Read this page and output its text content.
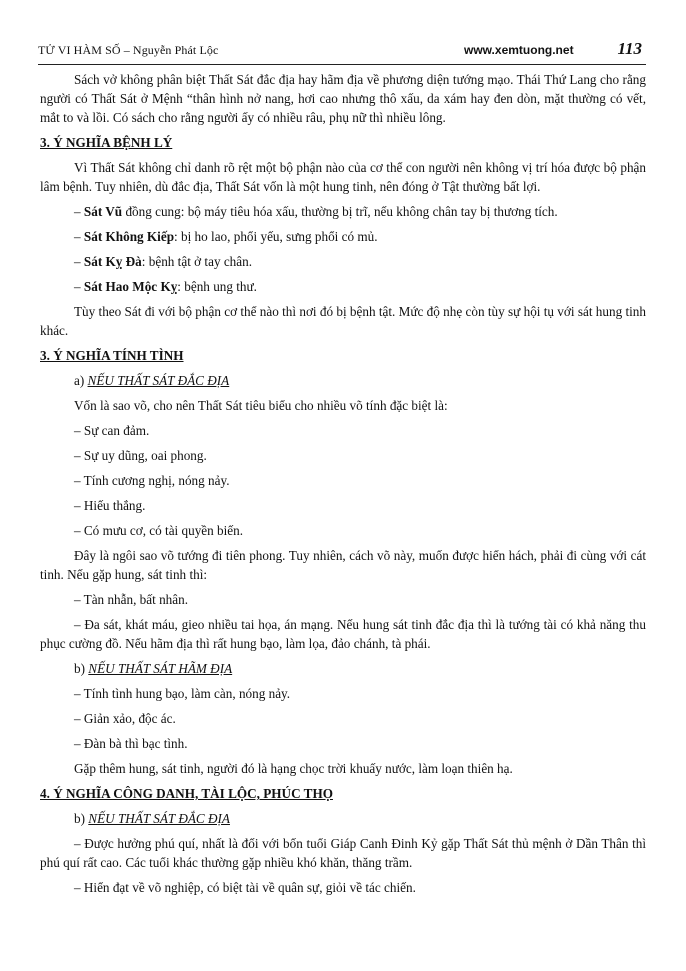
TỬ VI HÀM SỐ – Nguyễn Phát Lộc	www.xemtuong.net	113

Sách vở không phân biệt Thất Sát đắc địa hay hãm địa về phương diện tướng mạo. Thái Thứ Lang cho rằng người có Thất Sát ở Mệnh “thân hình nở nang, hơi cao nhưng thô xấu, da xám hay đen dòn, mặt thường có vết, mắt to và lồi. Có sách cho rằng người ấy có nhiều râu, phụ nữ thì nhiều lông.

3. Ý NGHĨA BỆNH LÝ

Vì Thất Sát không chỉ danh rõ rệt một bộ phận nào của cơ thể con người nên không vị trí hóa được bộ phận lâm bệnh. Tuy nhiên, dù đắc địa, Thất Sát vốn là một hung tinh, nên đóng ở Tật thường bất lợi.

– Sát Vũ đồng cung: bộ máy tiêu hóa xấu, thường bị trĩ, nếu không chân tay bị thương tích.

– Sát Không Kiếp: bị ho lao, phổi yếu, sưng phổi có mủ.

– Sát Kỵ Đà: bệnh tật ở tay chân.

– Sát Hao Mộc Kỵ: bệnh ung thư.

Tùy theo Sát đi với bộ phận cơ thể nào thì nơi đó bị bệnh tật. Mức độ nhẹ còn tùy sự hội tụ với sát hung tinh khác.

3. Ý NGHĨA TÍNH TÌNH

a) NẾU THẤT SÁT ĐẮC ĐỊA

Vốn là sao võ, cho nên Thất Sát tiêu biểu cho nhiều võ tính đặc biệt là:

– Sự can đảm.

– Sự uy dũng, oai phong.

– Tính cương nghị, nóng nảy.

– Hiếu thắng.

– Có mưu cơ, có tài quyền biến.

Đây là ngôi sao võ tướng đi tiên phong. Tuy nhiên, cách võ này, muốn được hiển hách, phải đi cùng với cát tinh. Nếu gặp hung, sát tinh thì:

– Tàn nhẫn, bất nhân.

– Đa sát, khát máu, gieo nhiều tai họa, án mạng. Nếu hung sát tinh đắc địa thì là tướng tài có khả năng thu phục cường đồ. Nếu hãm địa thì rất hung bạo, làm lọa, đảo chánh, tà phái.

b) NẾU THẤT SÁT HÃM ĐỊA

– Tính tình hung bạo, làm càn, nóng nảy.

– Giản xảo, độc ác.

– Đàn bà thì bạc tình.

Gặp thêm hung, sát tinh, người đó là hạng chọc trời khuấy nước, làm loạn thiên hạ.

4. Ý NGHĨA CÔNG DANH, TÀI LỘC, PHÚC THỌ

b) NẾU THẤT SÁT ĐẮC ĐỊA

– Được hưởng phú quí, nhất là đối với bốn tuổi Giáp Canh Đinh Kỷ gặp Thất Sát thủ mệnh ở Dần Thân thì phú quí rất cao. Các tuổi khác thường gặp nhiều khó khăn, thăng trầm.

– Hiển đạt về võ nghiệp, có biệt tài về quân sự, giỏi về tác chiến.
